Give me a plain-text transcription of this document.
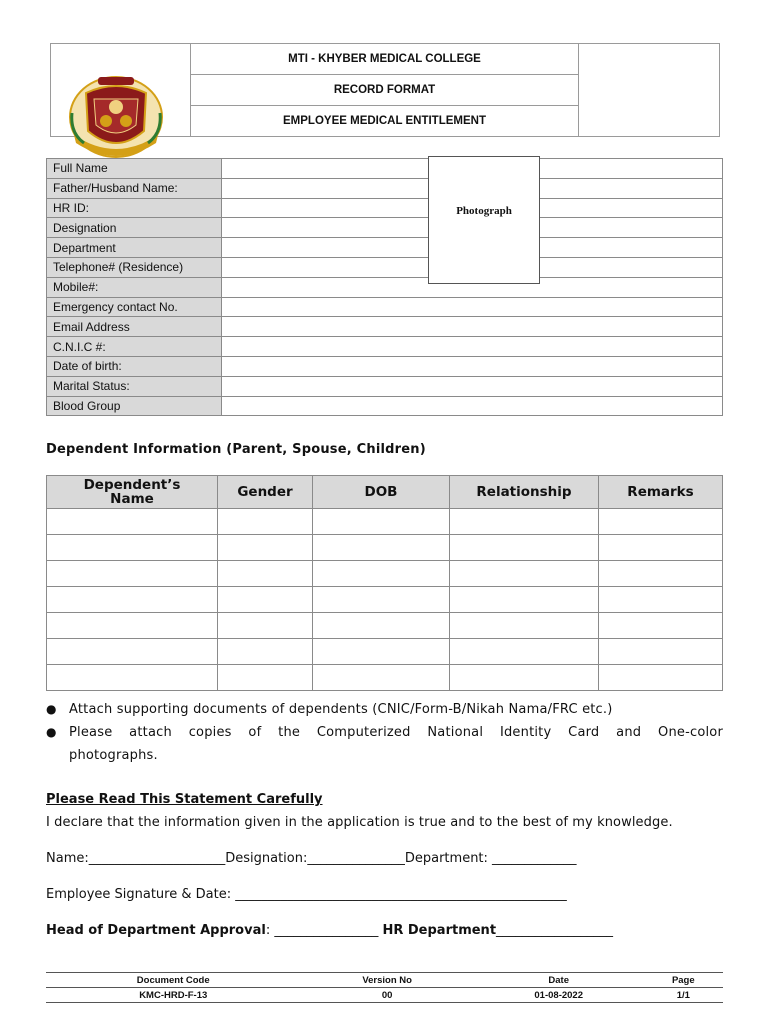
MTI - KHYBER MEDICAL COLLEGE
RECORD FORMAT
EMPLOYEE MEDICAL ENTITLEMENT
Full Name	
Father/Husband Name:	
HR ID:	
Designation	
Department	
Telephone# (Residence)	
Mobile#:	
Emergency contact No.	
Email Address	
C.N.I.C #:	
Date of birth:	
Marital Status:	
Blood Group	
Photograph
Dependent Information (Parent, Spouse, Children)
Dependent’s Name	Gender	DOB	Relationship	Remarks

● Attach supporting documents of dependents (CNIC/Form-B/Nikah Nama/FRC etc.)
● Please attach copies of the Computerized National Identity Card and One-color
photographs.
Please Read This Statement Carefully
I declare that the information given in the application is true and to the best of my knowledge.
Name:_____________________Designation:_______________Department: _____________
Employee Signature & Date: ___________________________________________________
Head of Department Approval: ________________ HR Department__________________
Document Code	Version No	Date	Page
KMC-HRD-F-13	00	01-08-2022	1/1
